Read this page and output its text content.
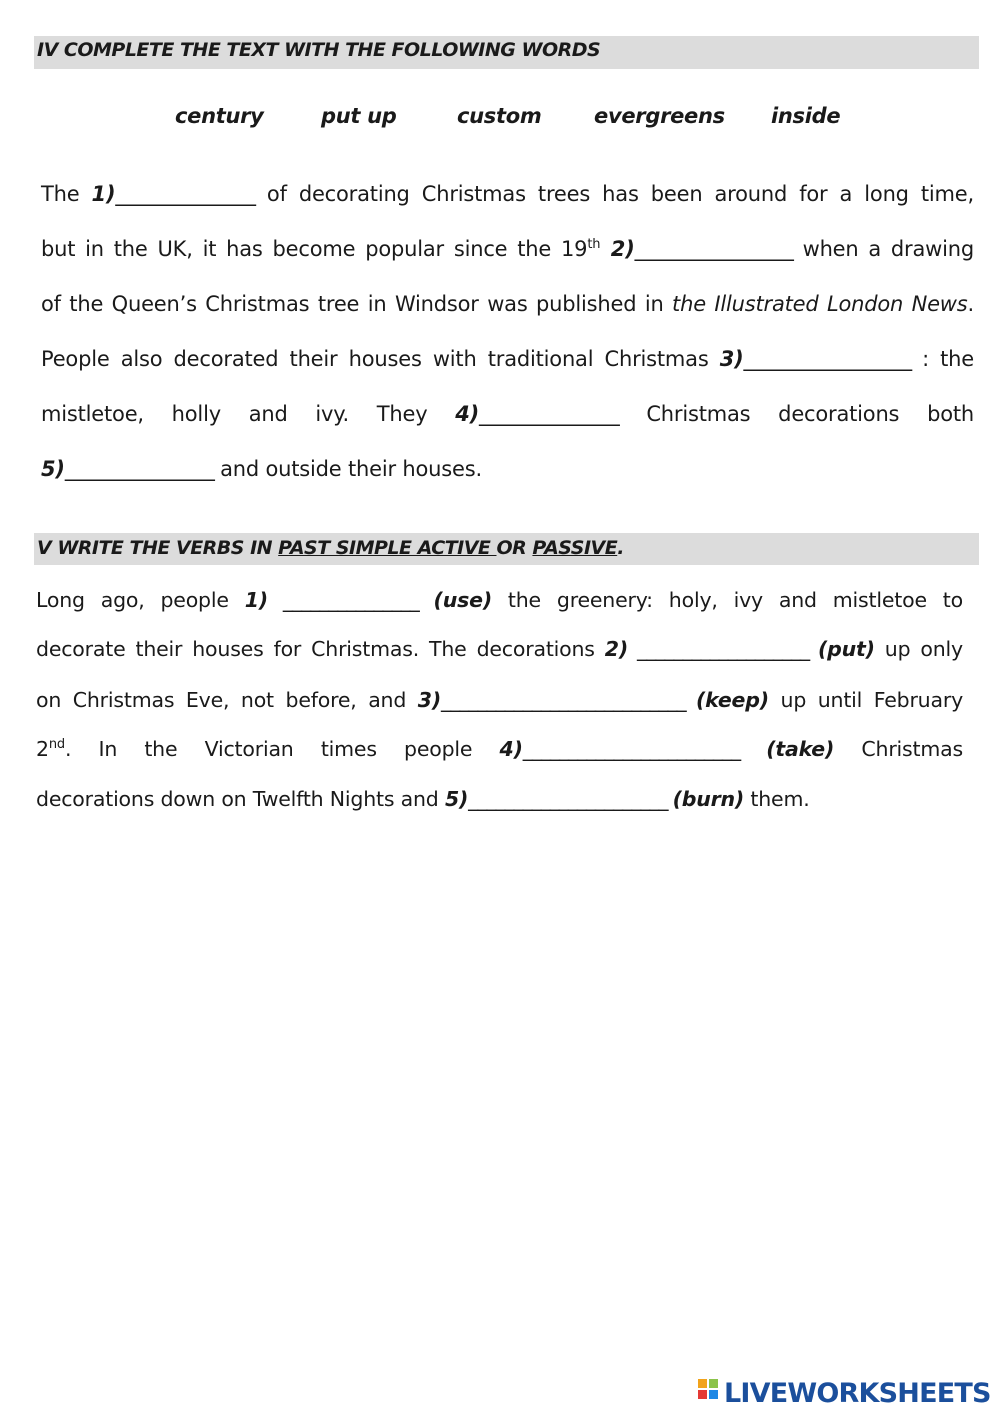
IV COMPLETE THE TEXT WITH THE FOLLOWING WORDS
century	put up	custom	evergreens inside
The 1)_______________ of decorating Christmas trees has been around for a long time,
but in the UK, it has become popular since the 19th 2)_________________ when a drawing
of the Queen’s Christmas tree in Windsor was published in the Illustrated London News.
People also decorated their houses with traditional Christmas 3)__________________ : the
mistletoe, holly and ivy. They 4)_______________ Christmas decorations both
5)________________ and outside their houses.
V WRITE THE VERBS IN PAST SIMPLE ACTIVE OR PASSIVE.
Long ago, people 1) _______________ (use) the greenery: holy, ivy and mistletoe to
decorate their houses for Christmas. The decorations 2) ___________________ (put) up only
on Christmas Eve, not before, and 3)___________________________ (keep) up until February
2nd. In the Victorian times people 4)________________________ (take) Christmas
decorations down on Twelfth Nights and 5)______________________ (burn) them.
LIVEWORKSHEETS
